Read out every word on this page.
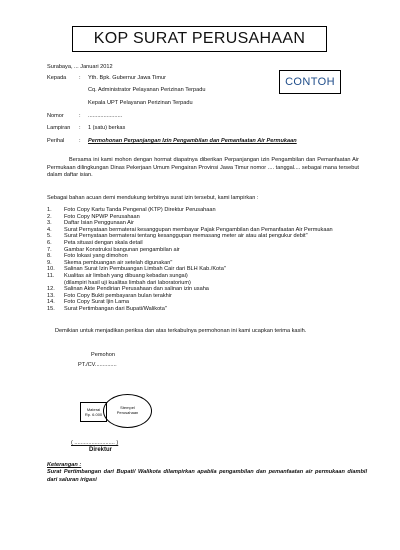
KOP SURAT PERUSAHAAN
Surabaya, ... Januari 2012
Kepada : Yth. Bpk. Gubernur Jawa Timur
Cq. Administrator Pelayanan Perizinan Terpadu
Kepala UPT Pelayanan Perizinan Terpadu
CONTOH
Nomor	: ......................
Lampiran : 1 (satu) berkas
Perihal	: Permohonan Perpanjangan Izin Pengambilan dan Pemanfaatan Air Permukaan
Bersama ini kami mohon dengan hormat diapatnya diberikan Perpanjangan izin Pengambilan dan Pemanfaatan Air Permukaan dilingkungan Dinas Pekerjaan Umum Pengairan Provinsi Jawa Timur nomor .... tanggal.... sebagai mana tersebut dalam daftar isian.
Sebagai bahan acuan demi mendukung terbitnya surat izin tersebut, kami lampirkan :
1. Foto Copy Kartu Tanda Pengenal (KTP) Direktur Perusahaan
2. Foto Copy NPWP Perusahaan
3. Daftar Isian Penggunaan Air
4. Surat Pernyataan bermaterai kesanggupan membayar Pajak Pengambilan dan Pemanfaatan Air Permukaan
5. Surat Pernyataan bermaterai tentang kesanggupan memasang meter air atau alat pengukur debit"
6. Peta situasi dengan skala detail
7. Gambar Konstruksi bangunan pengambilan air
8. Foto lokasi yang dimohon
9. Skema pembuangan air setelah digunakan"
10. Salinan Surat Izin Pembuangan Limbah Cair dari BLH Kab./Kota"
11. Kualitas air limbah yang dibuang kebadan sungai)
(dilampiri hasil uji kualitas limbah dari laboratorium)
12. Salinan Akte Pendirian Perusahaan dan salinan izin usaha
13. Foto Copy Bukti pembayaran bulan terakhir
14. Foto Copy Surat Ijin Lama
15. Surat Pertimbangan dari Bupati/Walikota"
Demikian untuk menjadikan periksa dan atas terkabulnya permohonan ini kami ucapkan terima kasih.
Pemohon
PT./CV..............
Materai
Rp. 6.000
Stempel
Perusahaan
( .......................... )
Direktur
Keterangan :
Surat Pertimbangan dari Bupati/ Walikota dilampirkan apabila pengambilan dan pemanfaatan air permukaan diambil dari saluran irigasi
